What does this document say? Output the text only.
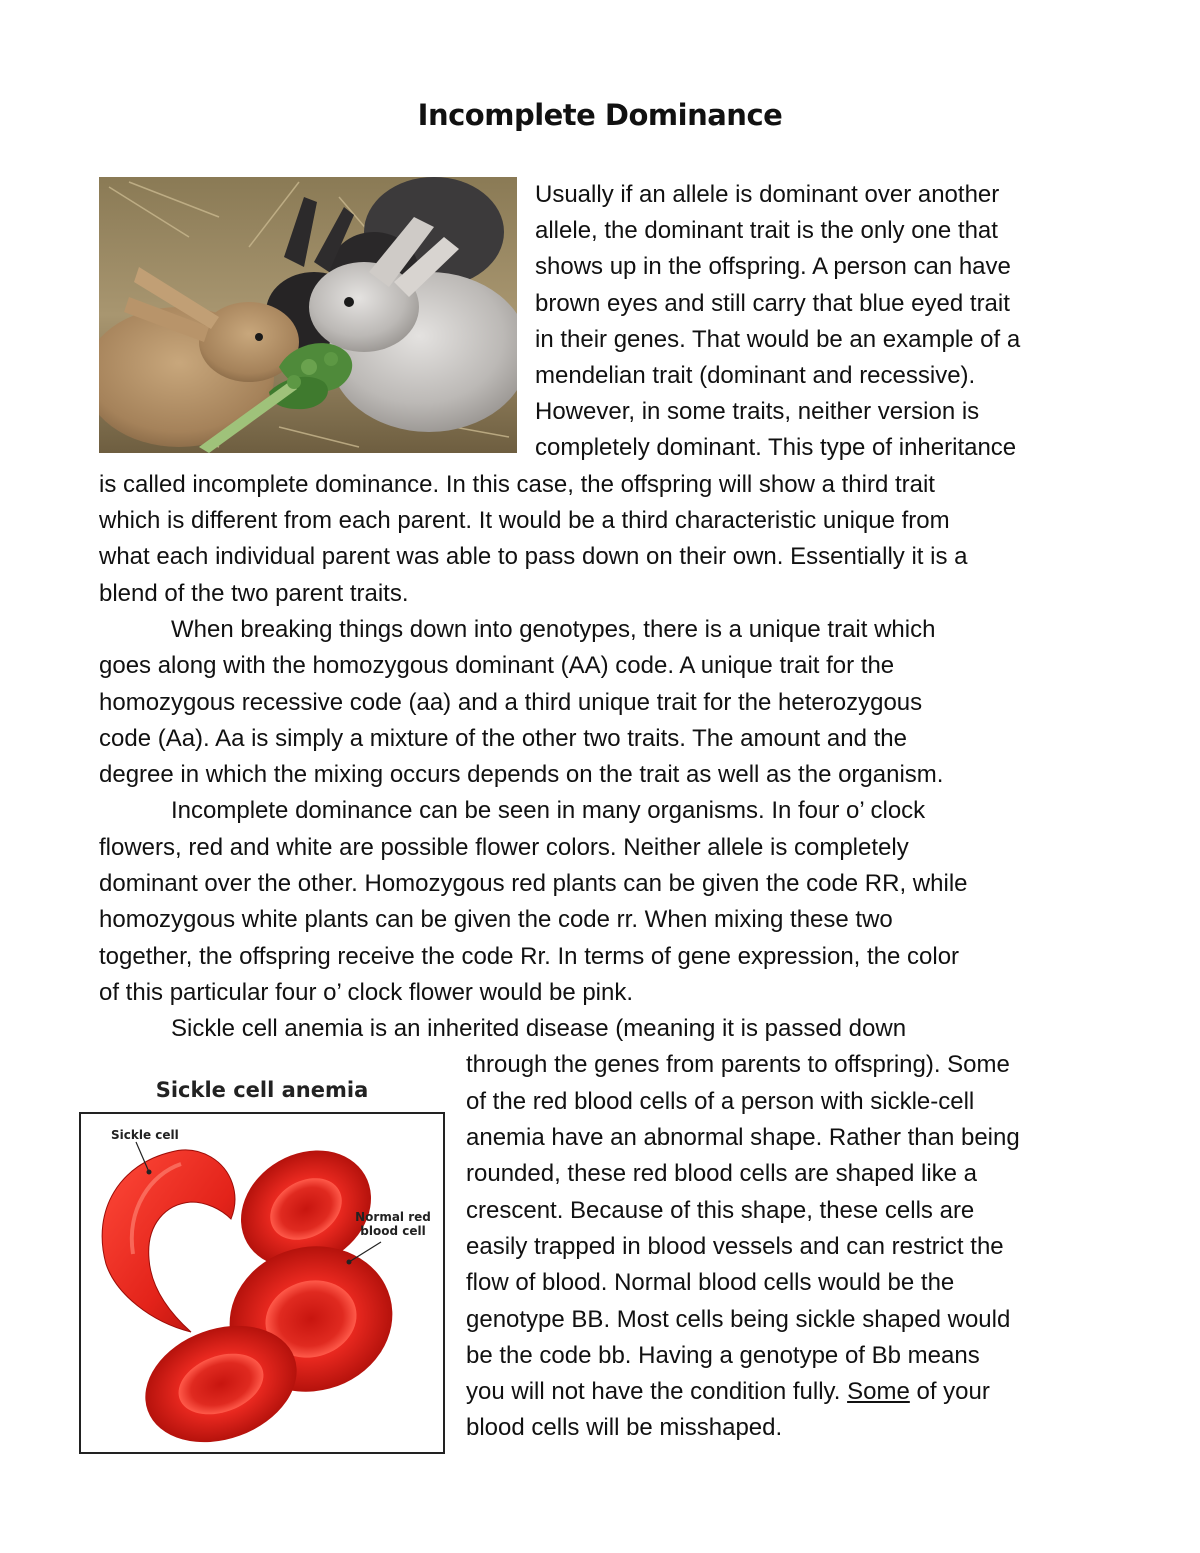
Incomplete Dominance
Usually if an allele is dominant over another
allele, the dominant trait is the only one that
shows up in the offspring. A person can have
brown eyes and still carry that blue eyed trait
in their genes. That would be an example of a
mendelian trait (dominant and recessive).
However, in some traits, neither version is
completely dominant. This type of inheritance
is called incomplete dominance. In this case, the offspring will show a third trait
which is different from each parent. It would be a third characteristic unique from
what each individual parent was able to pass down on their own. Essentially it is a
blend of the two parent traits.
When breaking things down into genotypes, there is a unique trait which
goes along with the homozygous dominant (AA) code. A unique trait for the
homozygous recessive code (aa) and a third unique trait for the heterozygous
code (Aa). Aa is simply a mixture of the other two traits. The amount and the
degree in which the mixing occurs depends on the trait as well as the organism.
Incomplete dominance can be seen in many organisms. In four o’ clock
flowers, red and white are possible flower colors. Neither allele is completely
dominant over the other. Homozygous red plants can be given the code RR, while
homozygous white plants can be given the code rr. When mixing these two
together, the offspring receive the code Rr. In terms of gene expression, the color
of this particular four o’ clock flower would be pink.
Sickle cell anemia is an inherited disease (meaning it is passed down
through the genes from parents to offspring). Some
of the red blood cells of a person with sickle-cell
anemia have an abnormal shape. Rather than being
rounded, these red blood cells are shaped like a
crescent. Because of this shape, these cells are
easily trapped in blood vessels and can restrict the
flow of blood. Normal blood cells would be the
genotype BB. Most cells being sickle shaped would
be the code bb. Having a genotype of Bb means
you will not have the condition fully. Some of your
blood cells will be misshaped.
Sickle cell anemia
Sickle cell
Normal red
blood cell
